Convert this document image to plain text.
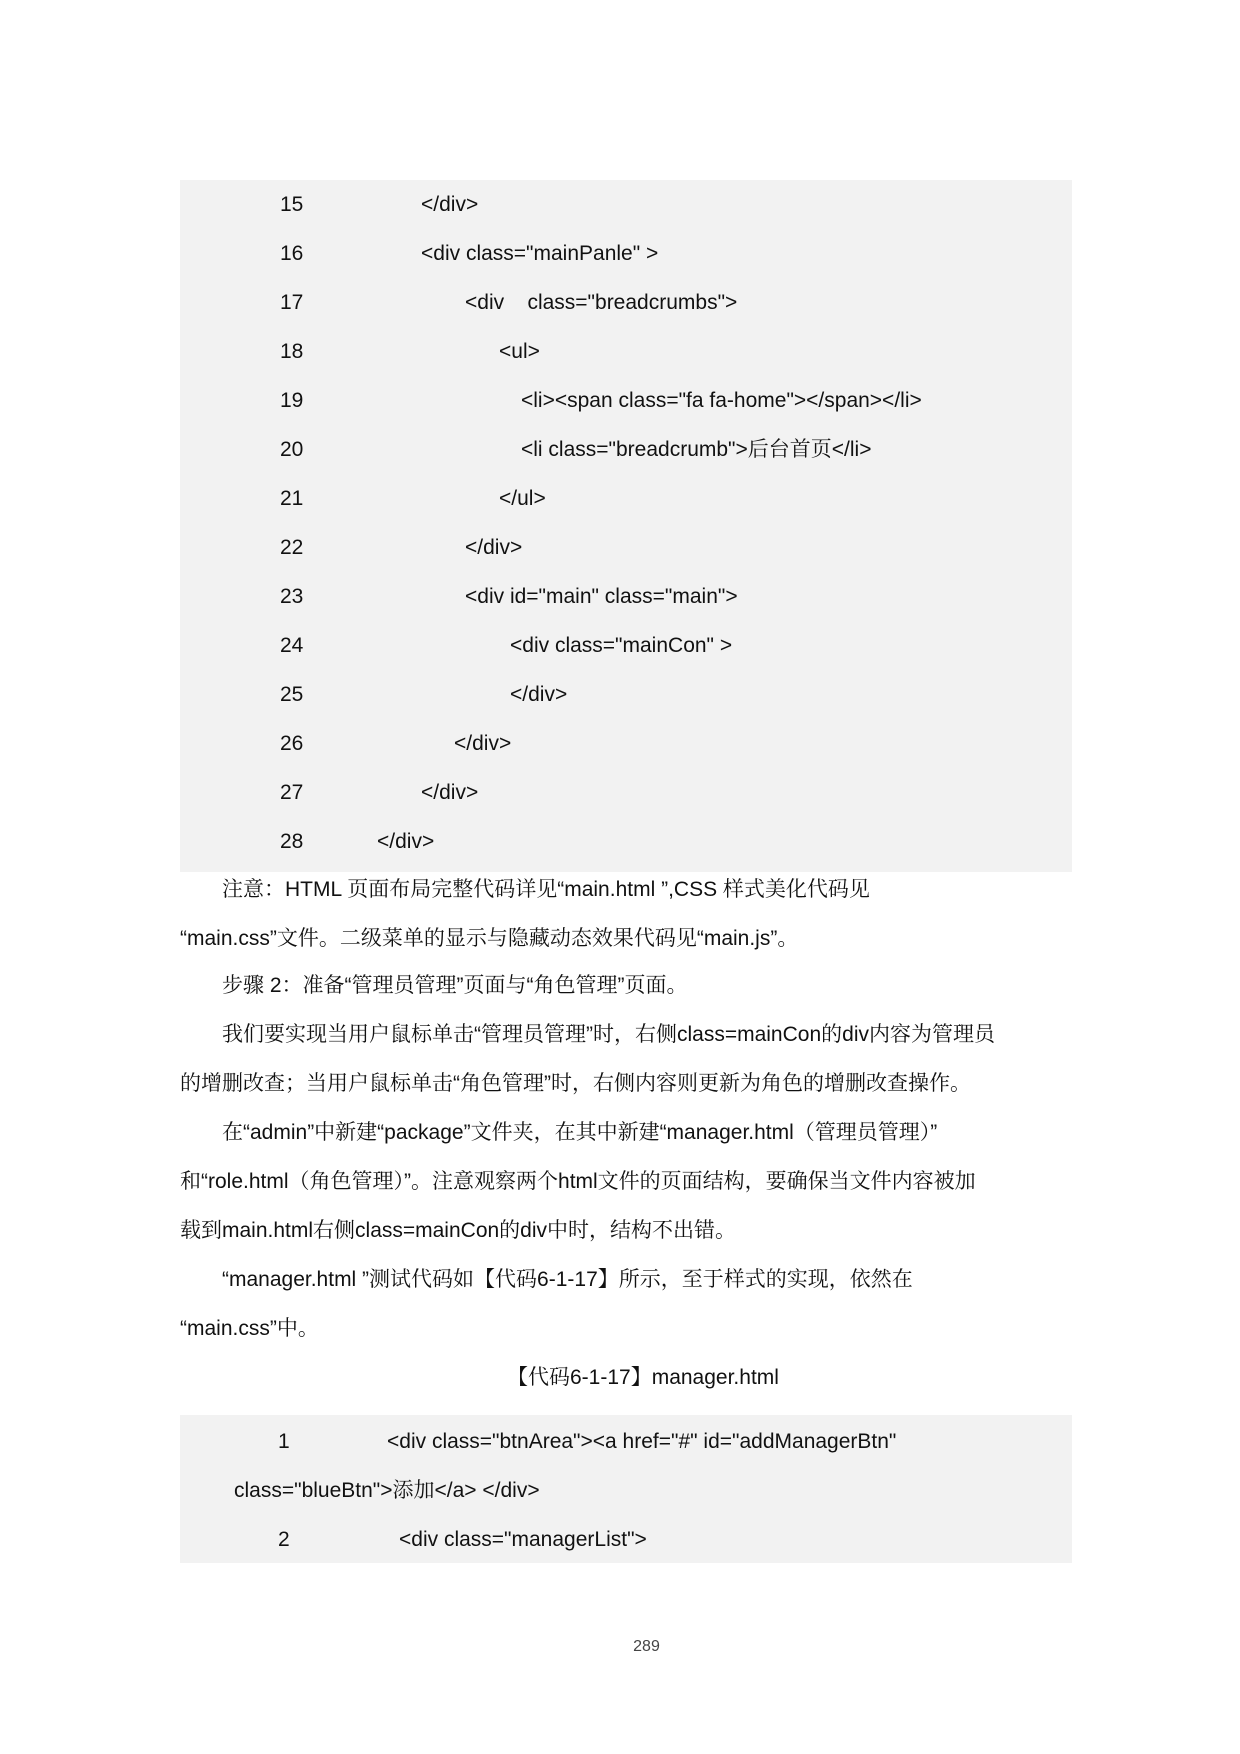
15

	</div>

16

	<div class="mainPanle" >

17

	<div    class="breadcrumbs">

18

	<ul>

19

	<li><span class="fa fa-home"></span></li>

20

	<li class="breadcrumb">后台首页</li>

21

	</ul>

22

	</div>

23

	<div id="main" class="main">

24

	<div class="mainCon" >

25

	</div>

26

	</div>

27

	</div>

28

	</div>

注意：HTML 页面布局完整代码详见“main.html ”,CSS 样式美化代码见
“main.css”文件。二级菜单的显示与隐藏动态效果代码见“main.js”。
步骤 2：准备“管理员管理”页面与“角色管理”页面。
我们要实现当用户鼠标单击“管理员管理”时，右侧class=mainCon的div内容为管理员
的增删改查；当用户鼠标单击“角色管理”时，右侧内容则更新为角色的增删改查操作。
在“admin”中新建“package”文件夹，在其中新建“manager.html（管理员管理）”
和“role.html（角色管理）”。注意观察两个html文件的页面结构，要确保当文件内容被加
载到main.html右侧class=mainCon的div中时，结构不出错。
“manager.html ”测试代码如【代码6-1-17】所示，至于样式的实现，依然在
“main.css”中。
【代码6-1-17】manager.html

1

	<div class="btnArea"><a href="#" id="addManagerBtn"

class="blueBtn">添加</a> </div>

2

	<div class="managerList">

289
